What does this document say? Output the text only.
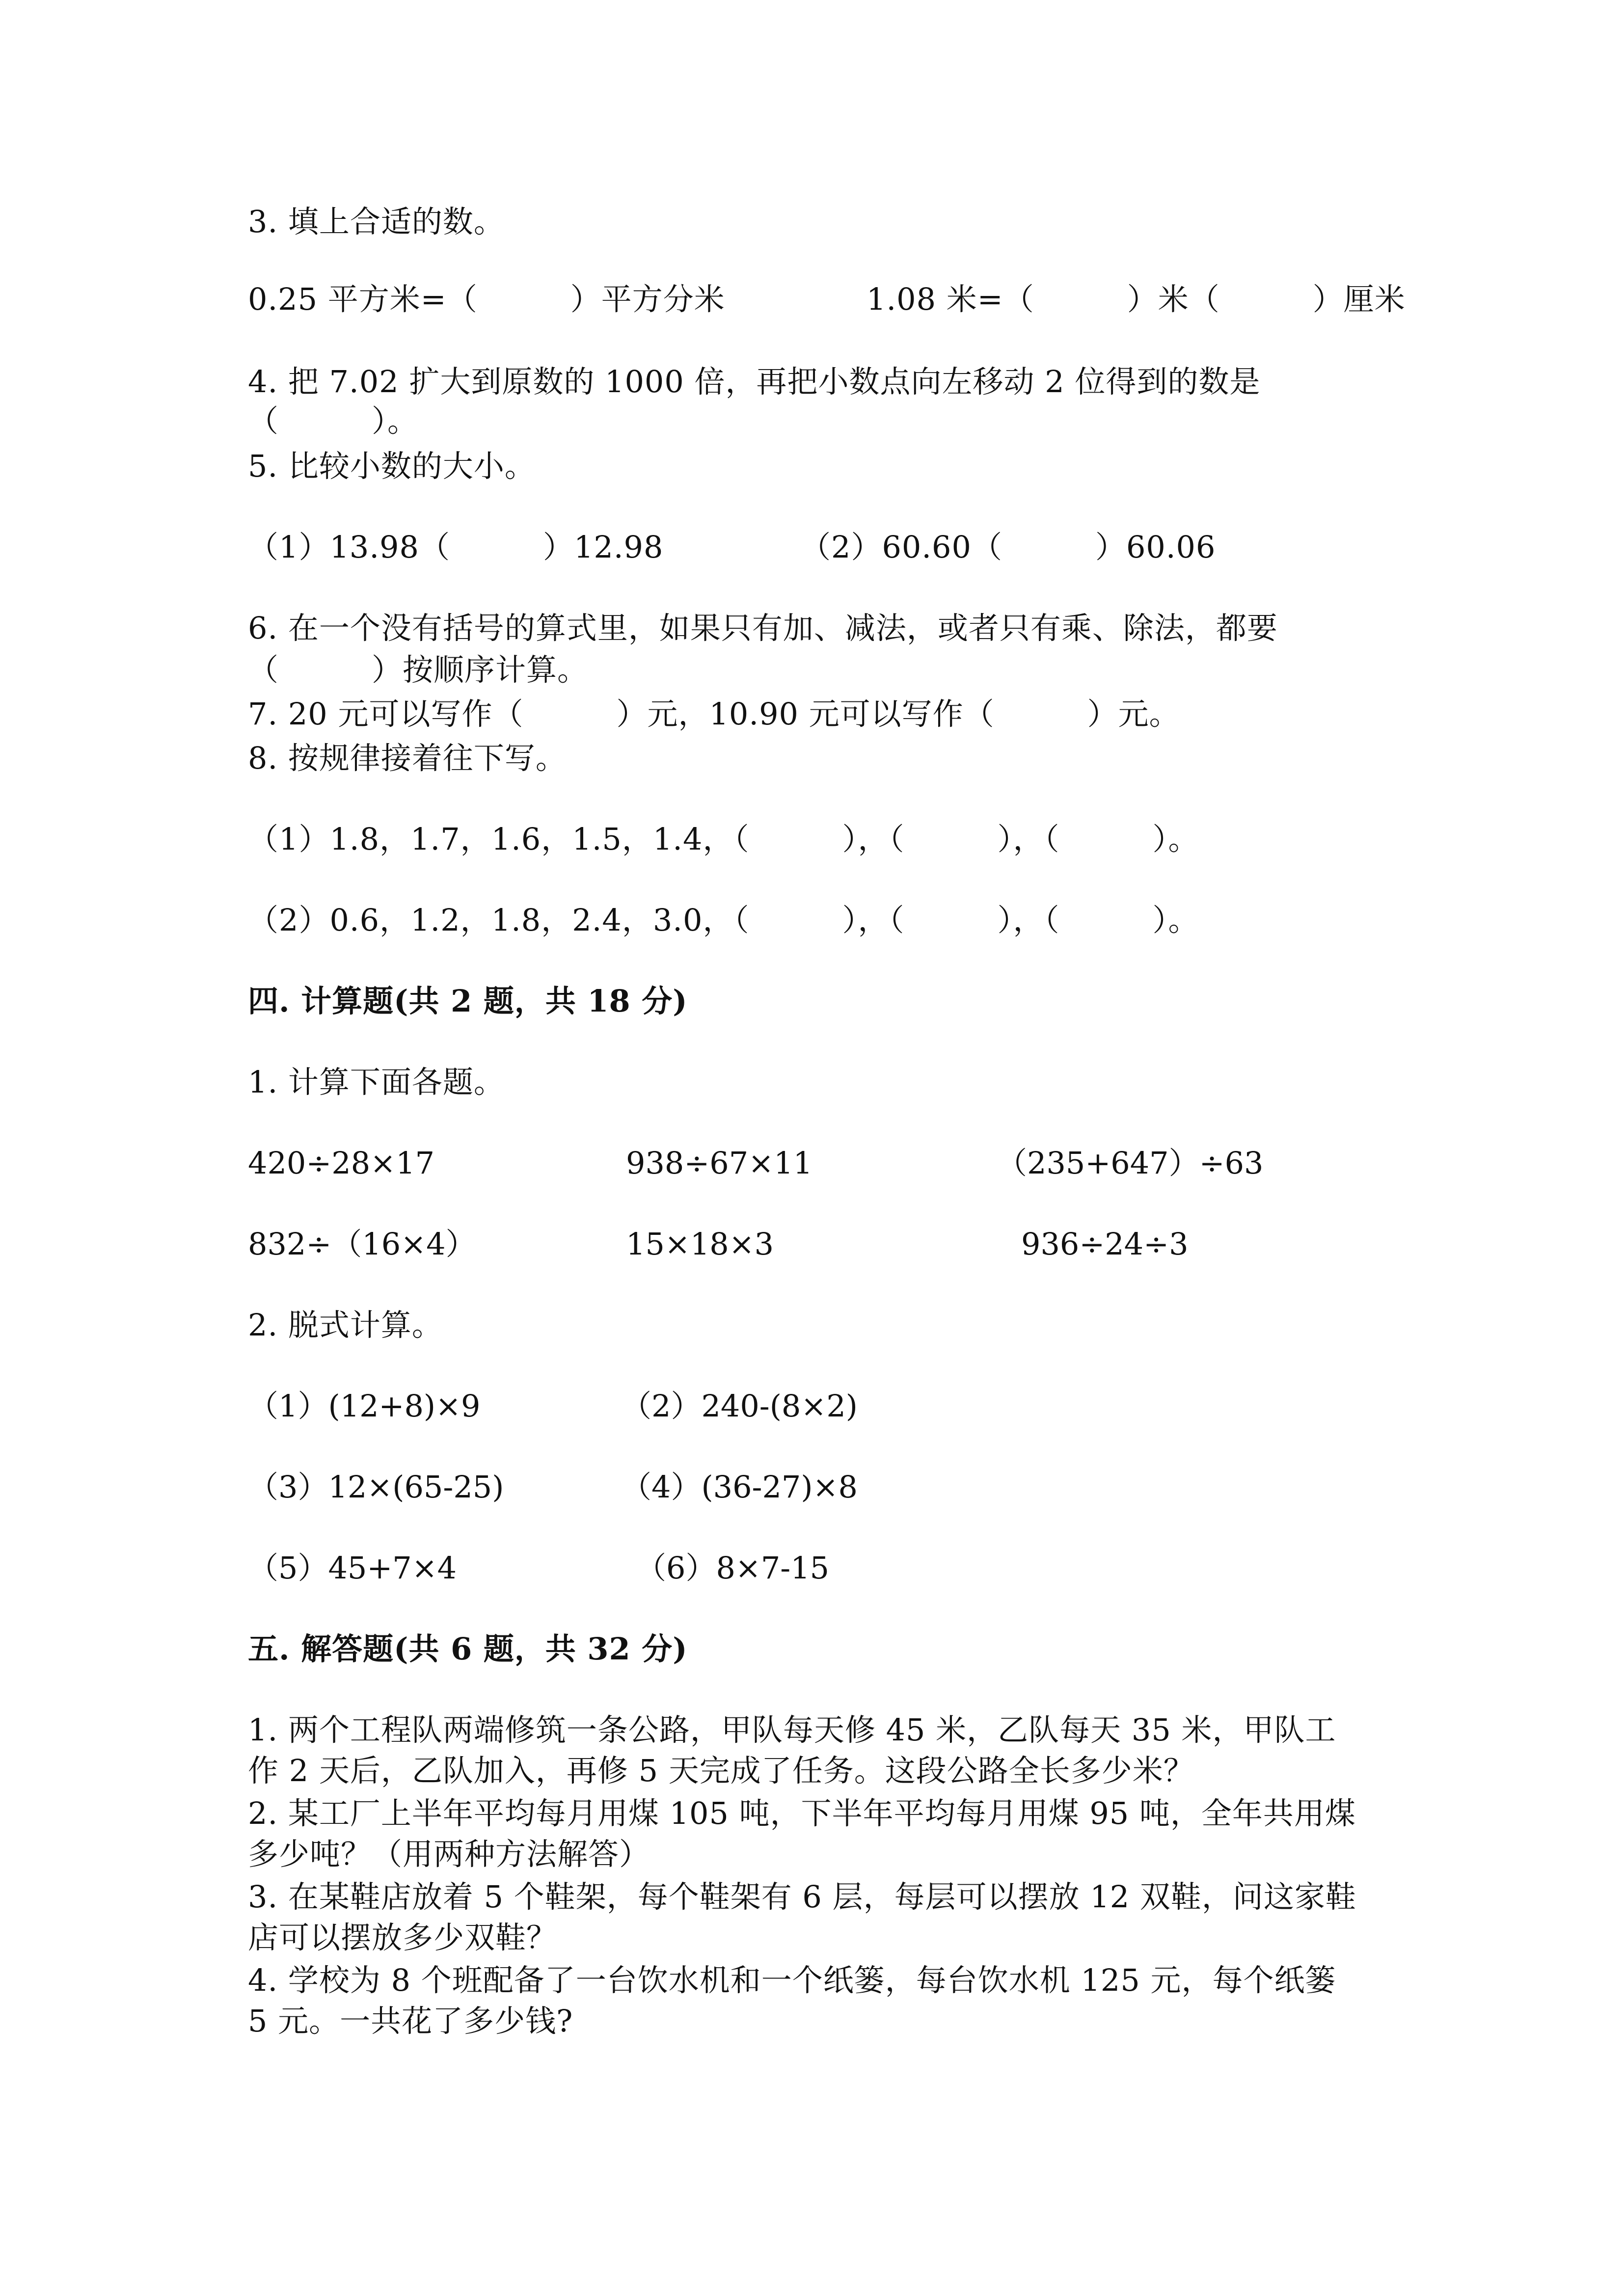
3. 填上合适的数。
0.25 平方米=（　　　）平方分米	1.08 米=（　　　）米（　　　）厘米
4. 把 7.02 扩大到原数的 1000 倍，再把小数点向左移动 2 位得到的数是
（　　　）。
5. 比较小数的大小。
（1）13.98（　　　）12.98	（2）60.60（　　　）60.06
6. 在一个没有括号的算式里，如果只有加、减法，或者只有乘、除法，都要
（　　　）按顺序计算。
7. 20 元可以写作（　　　）元，10.90 元可以写作（　　　）元。
8. 按规律接着往下写。
（1）1.8，1.7，1.6，1.5，1.4，（　　　），（　　　），（　　　）。
（2）0.6，1.2，1.8，2.4，3.0，（　　　），（　　　），（　　　）。
四. 计算题(共 2 题，共 18 分)
1. 计算下面各题。
420÷28×17	938÷67×11	（235+647）÷63
832÷（16×4）	15×18×3	936÷24÷3
2. 脱式计算。
（1）(12+8)×9	（2）240-(8×2)
（3）12×(65-25)	（4）(36-27)×8
（5）45+7×4	（6）8×7-15
五. 解答题(共 6 题，共 32 分)
1. 两个工程队两端修筑一条公路，甲队每天修 45 米，乙队每天 35 米，甲队工
作 2 天后，乙队加入，再修 5 天完成了任务。这段公路全长多少米？
2. 某工厂上半年平均每月用煤 105 吨，下半年平均每月用煤 95 吨，全年共用煤
多少吨？（用两种方法解答）
3. 在某鞋店放着 5 个鞋架，每个鞋架有 6 层，每层可以摆放 12 双鞋，问这家鞋
店可以摆放多少双鞋？
4. 学校为 8 个班配备了一台饮水机和一个纸篓，每台饮水机 125 元，每个纸篓
5 元。一共花了多少钱?
